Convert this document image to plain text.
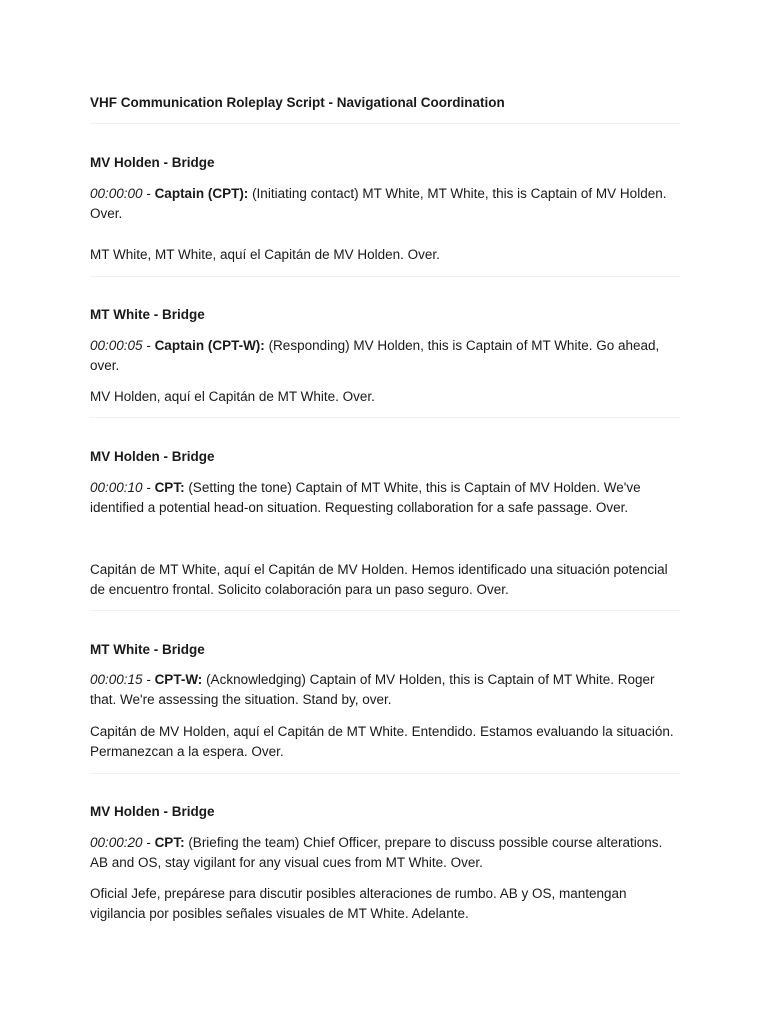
VHF Communication Roleplay Script - Navigational Coordination
MV Holden - Bridge
00:00:00 - Captain (CPT): (Initiating contact) MT White, MT White, this is Captain of MV Holden. Over.
MT White, MT White, aquí el Capitán de MV Holden. Over.
MT White - Bridge
00:00:05 - Captain (CPT-W): (Responding) MV Holden, this is Captain of MT White. Go ahead, over.
MV Holden, aquí el Capitán de MT White. Over.
MV Holden - Bridge
00:00:10 - CPT: (Setting the tone) Captain of MT White, this is Captain of MV Holden. We've identified a potential head-on situation. Requesting collaboration for a safe passage. Over.
Capitán de MT White, aquí el Capitán de MV Holden. Hemos identificado una situación potencial de encuentro frontal. Solicito colaboración para un paso seguro. Over.
MT White - Bridge
00:00:15 - CPT-W: (Acknowledging) Captain of MV Holden, this is Captain of MT White. Roger that. We're assessing the situation. Stand by, over.
Capitán de MV Holden, aquí el Capitán de MT White. Entendido. Estamos evaluando la situación. Permanezcan a la espera. Over.
MV Holden - Bridge
00:00:20 - CPT: (Briefing the team) Chief Officer, prepare to discuss possible course alterations. AB and OS, stay vigilant for any visual cues from MT White. Over.
Oficial Jefe, prepárese para discutir posibles alteraciones de rumbo. AB y OS, mantengan vigilancia por posibles señales visuales de MT White. Adelante.
